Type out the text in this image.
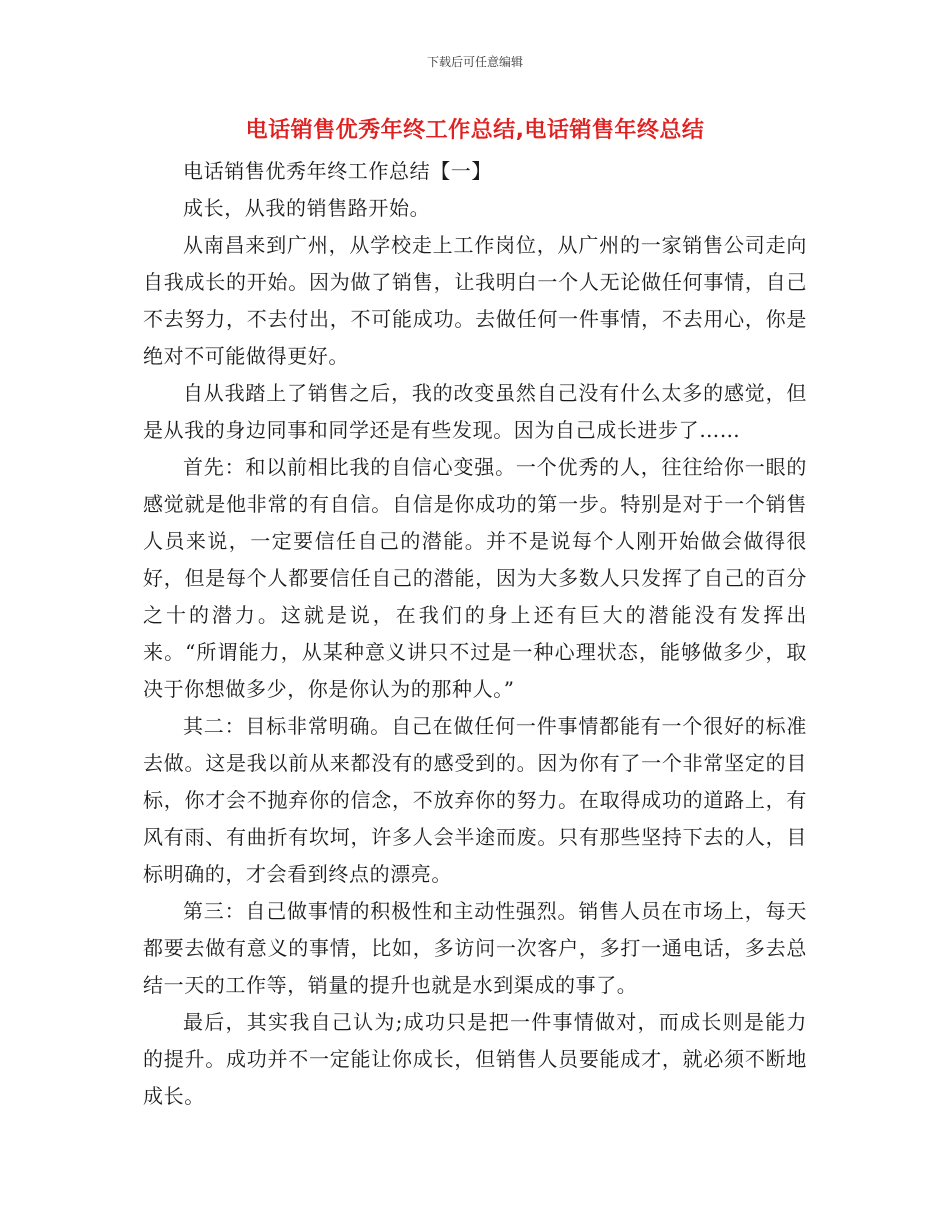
下载后可任意编辑
电话销售优秀年终工作总结,电话销售年终总结

电话销售优秀年终工作总结【一】

成长，从我的销售路开始。

从南昌来到广州，从学校走上工作岗位，从广州的一家销售公司走向自我成长的开始。因为做了销售，让我明白一个人无论做任何事情，自己不去努力，不去付出，不可能成功。去做任何一件事情，不去用心，你是绝对不可能做得更好。

自从我踏上了销售之后，我的改变虽然自己没有什么太多的感觉，但是从我的身边同事和同学还是有些发现。因为自己成长进步了……

首先：和以前相比我的自信心变强。一个优秀的人，往往给你一眼的感觉就是他非常的有自信。自信是你成功的第一步。特别是对于一个销售人员来说，一定要信任自己的潜能。并不是说每个人刚开始做会做得很好，但是每个人都要信任自己的潜能，因为大多数人只发挥了自己的百分之十的潜力。这就是说，在我们的身上还有巨大的潜能没有发挥出来。“所谓能力，从某种意义讲只不过是一种心理状态，能够做多少，取决于你想做多少，你是你认为的那种人。”

其二：目标非常明确。自己在做任何一件事情都能有一个很好的标准去做。这是我以前从来都没有的感受到的。因为你有了一个非常坚定的目标，你才会不抛弃你的信念，不放弃你的努力。在取得成功的道路上，有风有雨、有曲折有坎坷，许多人会半途而废。只有那些坚持下去的人，目标明确的，才会看到终点的漂亮。

第三：自己做事情的积极性和主动性强烈。销售人员在市场上，每天都要去做有意义的事情，比如，多访问一次客户，多打一通电话，多去总结一天的工作等，销量的提升也就是水到渠成的事了。

最后，其实我自己认为;成功只是把一件事情做对，而成长则是能力的提升。成功并不一定能让你成长，但销售人员要能成才，就必须不断地成长。
